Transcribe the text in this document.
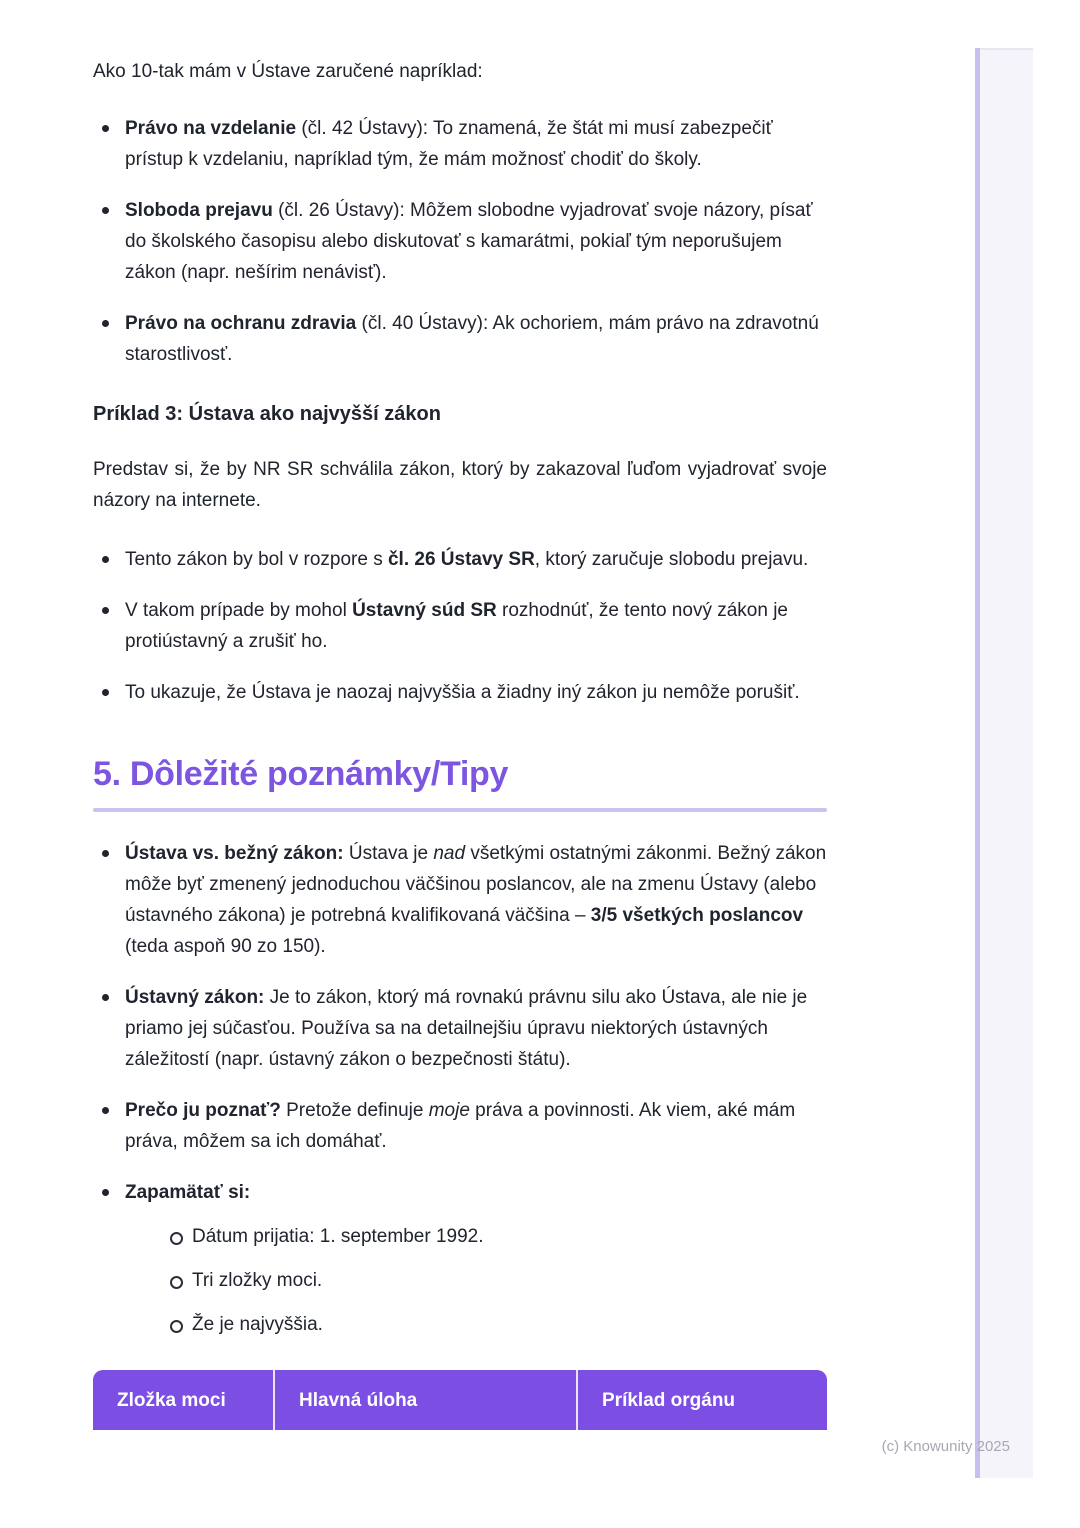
Ako 10-tak mám v Ústave zaručené napríklad:

Právo na vzdelanie (čl. 42 Ústavy): To znamená, že štát mi musí zabezpečiť prístup k vzdelaniu, napríklad tým, že mám možnosť chodiť do školy.
Sloboda prejavu (čl. 26 Ústavy): Môžem slobodne vyjadrovať svoje názory, písať do školského časopisu alebo diskutovať s kamarátmi, pokiaľ tým neporušujem zákon (napr. nešírim nenávisť).
Právo na ochranu zdravia (čl. 40 Ústavy): Ak ochoriem, mám právo na zdravotnú starostlivosť.
Príklad 3: Ústava ako najvyšší zákon

Predstav si, že by NR SR schválila zákon, ktorý by zakazoval ľuďom vyjadrovať svoje názory na internete.

Tento zákon by bol v rozpore s čl. 26 Ústavy SR, ktorý zaručuje slobodu prejavu.
V takom prípade by mohol Ústavný súd SR rozhodnúť, že tento nový zákon je protiústavný a zrušiť ho.
To ukazuje, že Ústava je naozaj najvyššia a žiadny iný zákon ju nemôže porušiť.
5. Dôležité poznámky/Tipy
Ústava vs. bežný zákon: Ústava je nad všetkými ostatnými zákonmi. Bežný zákon môže byť zmenený jednoduchou väčšinou poslancov, ale na zmenu Ústavy (alebo ústavného zákona) je potrebná kvalifikovaná väčšina – 3/5 všetkých poslancov (teda aspoň 90 zo 150).
Ústavný zákon: Je to zákon, ktorý má rovnakú právnu silu ako Ústava, ale nie je priamo jej súčasťou. Používa sa na detailnejšiu úpravu niektorých ústavných záležitostí (napr. ústavný zákon o bezpečnosti štátu).
Prečo ju poznať? Pretože definuje moje práva a povinnosti. Ak viem, aké mám práva, môžem sa ich domáhať.
Zapamätať si:
Dátum prijatia: 1. september 1992.
Tri zložky moci.
Že je najvyššia.
Zložka moci	Hlavná úloha	Príklad orgánu
(c) Knowunity 2025
